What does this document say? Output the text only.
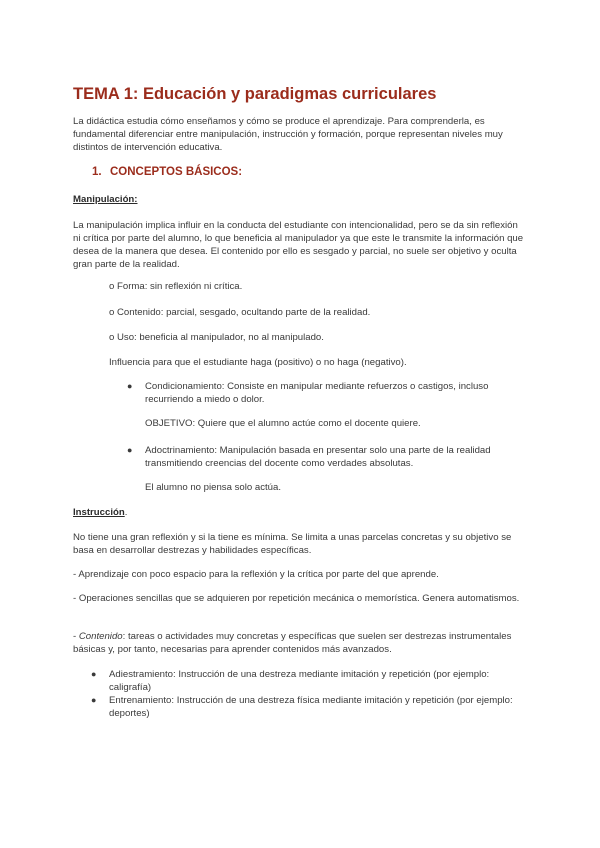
TEMA 1: Educación y paradigmas curriculares

La didáctica estudia cómo enseñamos y cómo se produce el aprendizaje. Para comprenderla, es fundamental diferenciar entre manipulación, instrucción y formación, porque representan niveles muy distintos de intervención educativa.

1. CONCEPTOS BÁSICOS:
Manipulación:

La manipulación implica influir en la conducta del estudiante con intencionalidad, pero se da sin reflexión ni crítica por parte del alumno, lo que beneficia al manipulador ya que este le transmite la información que desea de la manera que desea. El contenido por ello es sesgado y parcial, no suele ser objetivo y oculta gran parte de la realidad.

o Forma: sin reflexión ni crítica.

o Contenido: parcial, sesgado, ocultando parte de la realidad.

o Uso: beneficia al manipulador, no al manipulado.

Influencia para que el estudiante haga (positivo) o no haga (negativo).

● Condicionamiento: Consiste en manipular mediante refuerzos o castigos, incluso recurriendo a miedo o dolor.

OBJETIVO: Quiere que el alumno actúe como el docente quiere.

● Adoctrinamiento: Manipulación basada en presentar solo una parte de la realidad transmitiendo creencias del docente como verdades absolutas.

El alumno no piensa solo actúa.

Instrucción.

No tiene una gran reflexión y si la tiene es mínima. Se limita a unas parcelas concretas y su objetivo se basa en desarrollar destrezas y habilidades específicas.

- Aprendizaje con poco espacio para la reflexión y la crítica por parte del que aprende.

- Operaciones sencillas que se adquieren por repetición mecánica o memorística. Genera automatismos.

- Contenido: tareas o actividades muy concretas y específicas que suelen ser destrezas instrumentales básicas y, por tanto, necesarias para aprender contenidos más avanzados.

● Adiestramiento: Instrucción de una destreza mediante imitación y repetición (por ejemplo: caligrafía)

● Entrenamiento: Instrucción de una destreza física mediante imitación y repetición (por ejemplo: deportes)
